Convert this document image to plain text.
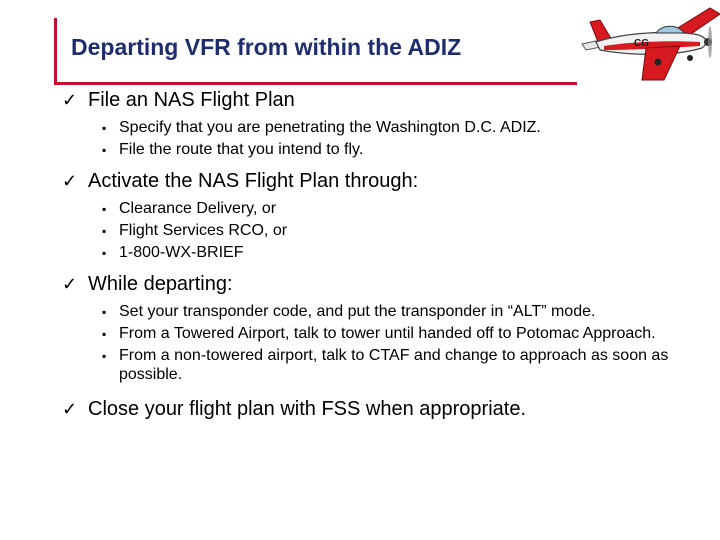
Departing VFR from within the ADIZ	CG
✓ File an NAS Flight Plan
▪ Specify that you are penetrating the Washington D.C. ADIZ.
▪ File the route that you intend to fly.
✓ Activate the NAS Flight Plan through:
▪ Clearance Delivery, or
▪ Flight Services RCO, or
▪ 1-800-WX-BRIEF
✓ While departing:
▪ Set your transponder code, and put the transponder in “ALT” mode.
▪ From a Towered Airport, talk to tower until handed off to Potomac Approach.
▪ From a non-towered airport, talk to CTAF and change to approach as soon as possible.
✓ Close your flight plan with FSS when appropriate.
